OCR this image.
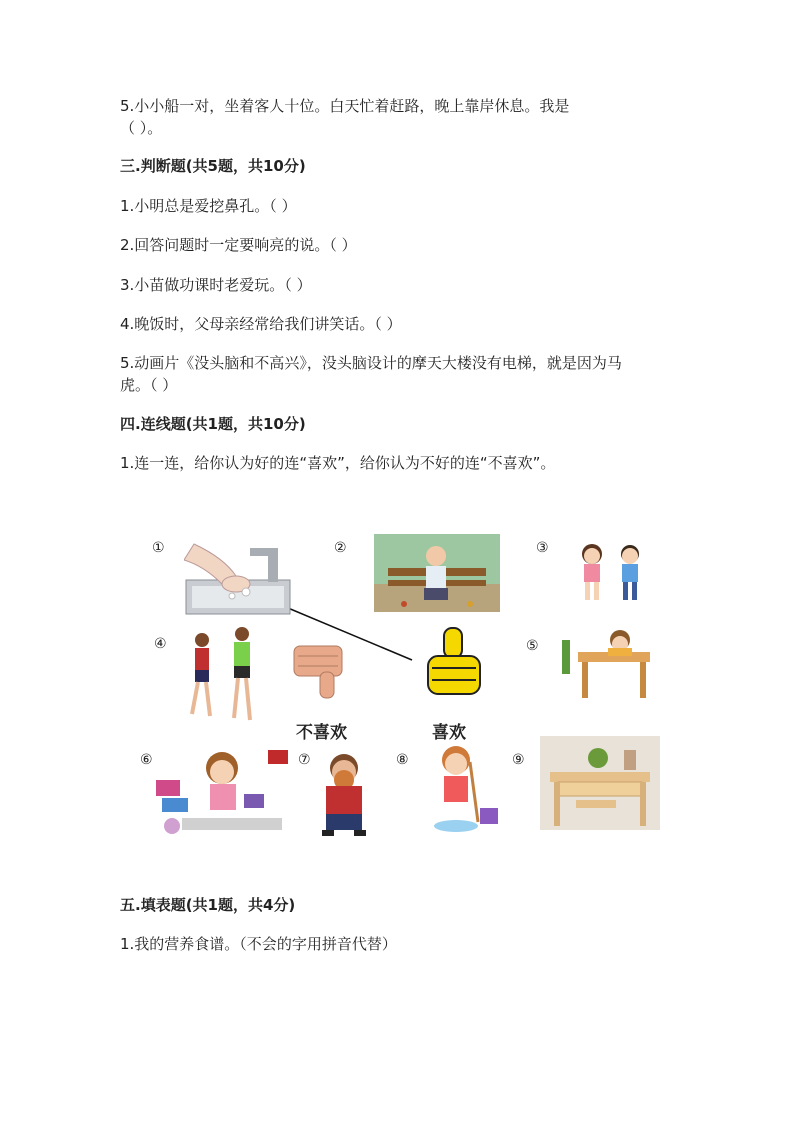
5.小小船一对，坐着客人十位。白天忙着赶路，晚上靠岸休息。我是
（ ）。
三.判断题(共5题，共10分)
1.小明总是爱挖鼻孔。（ ）
2.回答问题时一定要响亮的说。（ ）
3.小苗做功课时老爱玩。（ ）
4.晚饭时，父母亲经常给我们讲笑话。（ ）
5.动画片《没头脑和不高兴》，没头脑设计的摩天大楼没有电梯，就是因为马
虎。（ ）
四.连线题(共1题，共10分)
1.连一连，给你认为好的连“喜欢”，给你认为不好的连“不喜欢”。
①	②	③
④	⑤
⑥	⑦	⑧	⑨
不喜欢	喜欢
五.填表题(共1题，共4分)
1.我的营养食谱。（不会的字用拼音代替）
